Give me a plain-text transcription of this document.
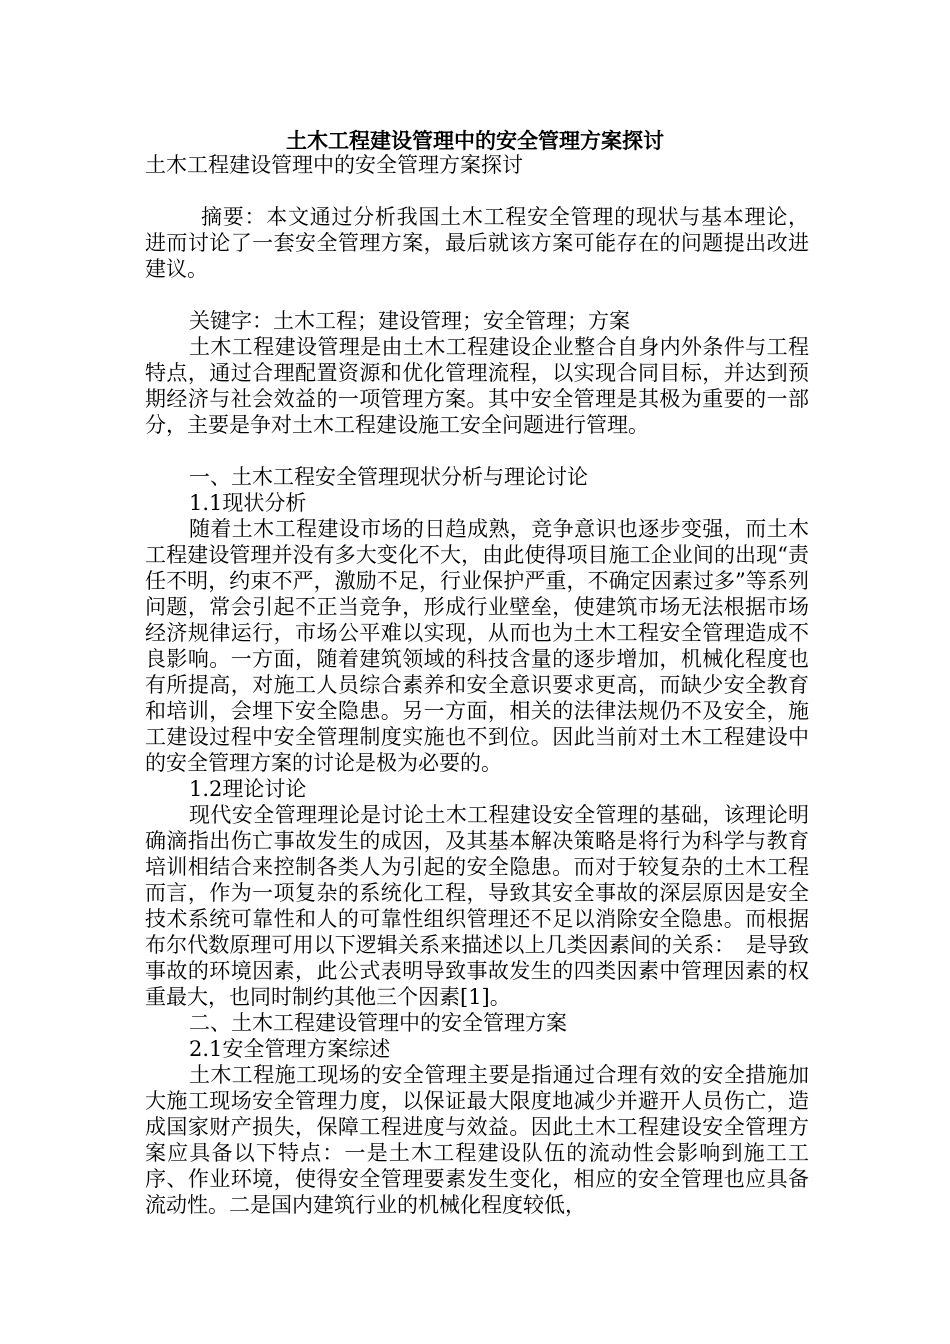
土木工程建设管理中的安全管理方案探讨

土木工程建设管理中的安全管理方案探讨

摘要：本文通过分析我国土木工程安全管理的现状与基本理论，进而讨论了一套安全管理方案，最后就该方案可能存在的问题提出改进建议。

关键字：土木工程；建设管理；安全管理；方案

土木工程建设管理是由土木工程建设企业整合自身内外条件与工程特点，通过合理配置资源和优化管理流程，以实现合同目标，并达到预期经济与社会效益的一项管理方案。其中安全管理是其极为重要的一部分，主要是争对土木工程建设施工安全问题进行管理。

一、土木工程安全管理现状分析与理论讨论

1.1现状分析

随着土木工程建设市场的日趋成熟，竞争意识也逐步变强，而土木工程建设管理并没有多大变化不大，由此使得项目施工企业间的出现“责任不明，约束不严，激励不足，行业保护严重，不确定因素过多”等系列问题，常会引起不正当竞争，形成行业壁垒，使建筑市场无法根据市场经济规律运行，市场公平难以实现，从而也为土木工程安全管理造成不良影响。一方面，随着建筑领域的科技含量的逐步增加，机械化程度也有所提高，对施工人员综合素养和安全意识要求更高，而缺少安全教育和培训，会埋下安全隐患。另一方面，相关的法律法规仍不及安全，施工建设过程中安全管理制度实施也不到位。因此当前对土木工程建设中的安全管理方案的讨论是极为必要的。

1.2理论讨论

现代安全管理理论是讨论土木工程建设安全管理的基础，该理论明确滴指出伤亡事故发生的成因，及其基本解决策略是将行为科学与教育培训相结合来控制各类人为引起的安全隐患。而对于较复杂的土木工程而言，作为一项复杂的系统化工程，导致其安全事故的深层原因是安全技术系统可靠性和人的可靠性组织管理还不足以消除安全隐患。而根据布尔代数原理可用以下逻辑关系来描述以上几类因素间的关系：　是导致事故的环境因素，此公式表明导致事故发生的四类因素中管理因素的权重最大，也同时制约其他三个因素[1]。

二、土木工程建设管理中的安全管理方案

2.1安全管理方案综述

土木工程施工现场的安全管理主要是指通过合理有效的安全措施加大施工现场安全管理力度，以保证最大限度地减少并避开人员伤亡，造成国家财产损失，保障工程进度与效益。因此土木工程建设安全管理方案应具备以下特点：一是土木工程建设队伍的流动性会影响到施工工序、作业环境，使得安全管理要素发生变化，相应的安全管理也应具备流动性。二是国内建筑行业的机械化程度较低，
